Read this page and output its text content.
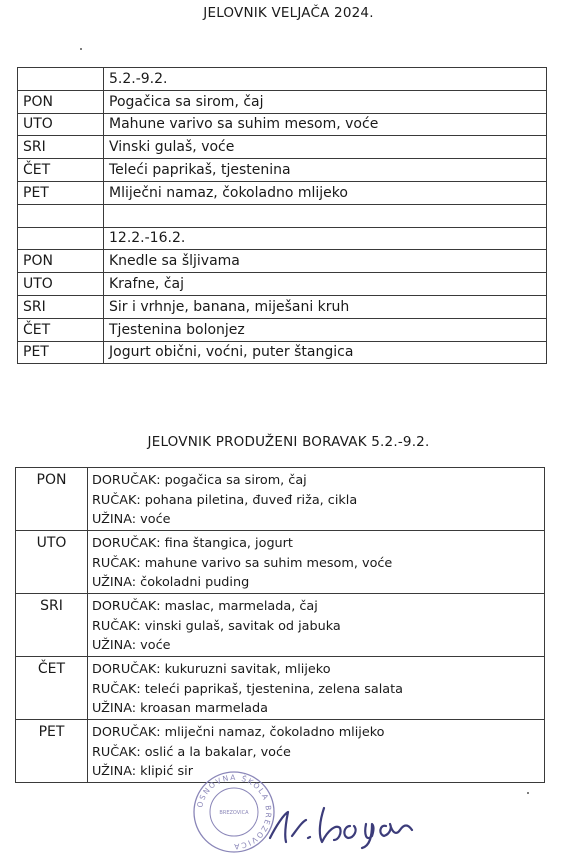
JELOVNIK VELJAČA 2024.
	5.2.-9.2.
PON	Pogačica sa sirom, čaj
UTO	Mahune varivo sa suhim mesom, voće
SRI	Vinski gulaš, voće
ČET	Teleći paprikaš, tjestenina
PET	Mliječni namaz, čokoladno mlijeko

	12.2.-16.2.
PON	Knedle sa šljivama
UTO	Krafne, čaj
SRI	Sir i vrhnje, banana, miješani kruh
ČET	Tjestenina bolonjez
PET	Jogurt obični, voćni, puter štangica
JELOVNIK PRODUŽENI BORAVAK 5.2.-9.2.
PON	DORUČAK: pogačica sa sirom, čaj
RUČAK: pohana piletina, đuveđ riža, cikla
UŽINA: voće

UTO	DORUČAK: fina štangica, jogurt
RUČAK: mahune varivo sa suhim mesom, voće
UŽINA: čokoladni puding

SRI	DORUČAK: maslac, marmelada, čaj
RUČAK: vinski gulaš, savitak od jabuka
UŽINA: voće

ČET	DORUČAK: kukuruzni savitak, mlijeko
RUČAK: teleći paprikaš, tjestenina, zelena salata
UŽINA: kroasan marmelada

PET	DORUČAK: mliječni namaz, čokoladno mlijeko
RUČAK: oslić a la bakalar, voće
UŽINA: klipić sir
OSNOVNA ŠKOLA BREZOVICA
BREZOVICA
